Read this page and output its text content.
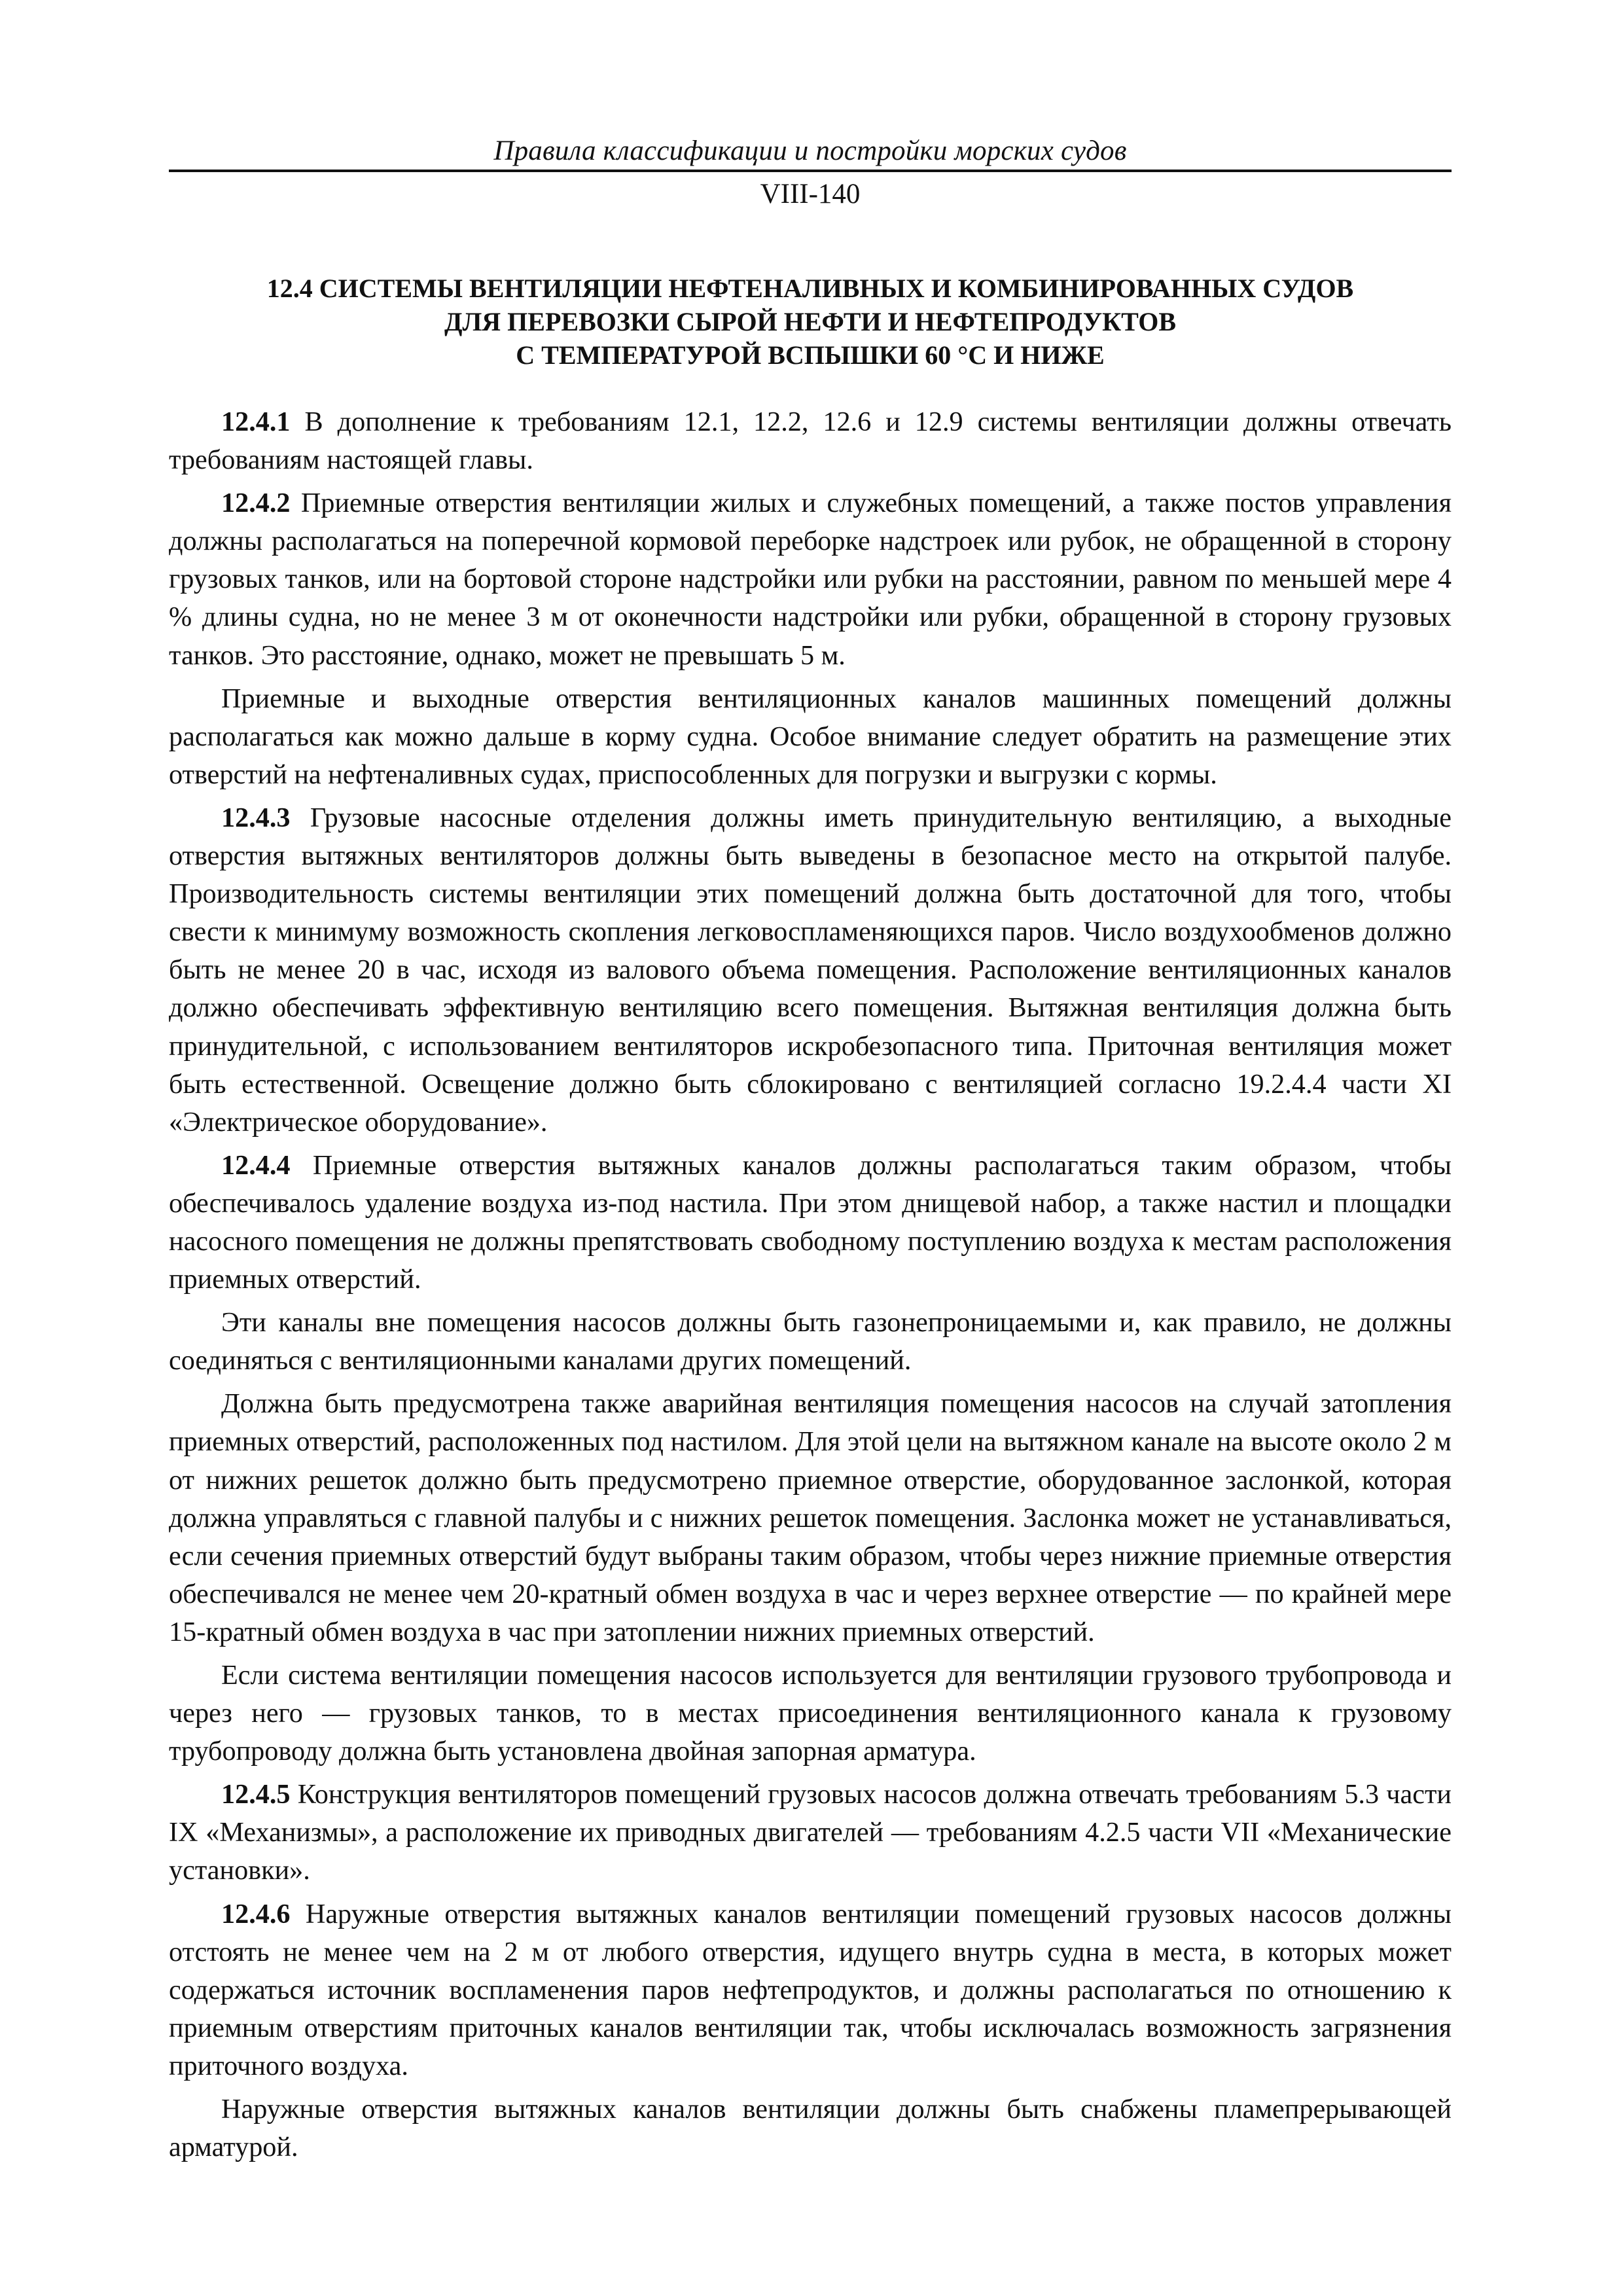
Правила классификации и постройки морских судов
VIII-140
12.4 СИСТЕМЫ ВЕНТИЛЯЦИИ НЕФТЕНАЛИВНЫХ И КОМБИНИРОВАННЫХ СУДОВ
ДЛЯ ПЕРЕВОЗКИ СЫРОЙ НЕФТИ И НЕФТЕПРОДУКТОВ
С ТЕМПЕРАТУРОЙ ВСПЫШКИ 60 °С И НИЖЕ

12.4.1 В дополнение к требованиям 12.1, 12.2, 12.6 и 12.9 системы вентиляции должны отвечать требованиям настоящей главы.

12.4.2 Приемные отверстия вентиляции жилых и служебных помещений, а также постов управления должны располагаться на поперечной кормовой переборке надстроек или рубок, не обращенной в сторону грузовых танков, или на бортовой стороне надстройки или рубки на расстоянии, равном по меньшей мере 4 % длины судна, но не менее 3 м от оконечности надстройки или рубки, обращенной в сторону грузовых танков. Это расстояние, однако, может не превышать 5 м.

Приемные и выходные отверстия вентиляционных каналов машинных помещений должны располагаться как можно дальше в корму судна. Особое внимание следует обратить на размещение этих отверстий на нефтеналивных судах, приспособленных для погрузки и выгрузки с кормы.

12.4.3 Грузовые насосные отделения должны иметь принудительную вентиляцию, а выходные отверстия вытяжных вентиляторов должны быть выведены в безопасное место на открытой палубе. Производительность системы вентиляции этих помещений должна быть достаточной для того, чтобы свести к минимуму возможность скопления легковоспламеняющихся паров. Число воздухообменов должно быть не менее 20 в час, исходя из валового объема помещения. Расположение вентиляционных каналов должно обеспечивать эффективную вентиляцию всего помещения. Вытяжная вентиляция должна быть принудительной, с использованием вентиляторов искробезопасного типа. Приточная вентиляция может быть естественной. Освещение должно быть сблокировано с вентиляцией согласно 19.2.4.4 части XI «Электрическое оборудование».

12.4.4 Приемные отверстия вытяжных каналов должны располагаться таким образом, чтобы обеспечивалось удаление воздуха из-под настила. При этом днищевой набор, а также настил и площадки насосного помещения не должны препятствовать свободному поступлению воздуха к местам расположения приемных отверстий.

Эти каналы вне помещения насосов должны быть газонепроницаемыми и, как правило, не должны соединяться с вентиляционными каналами других помещений.

Должна быть предусмотрена также аварийная вентиляция помещения насосов на случай затопления приемных отверстий, расположенных под настилом. Для этой цели на вытяжном канале на высоте около 2 м от нижних решеток должно быть предусмотрено приемное отверстие, оборудованное заслонкой, которая должна управляться с главной палубы и с нижних решеток помещения. Заслонка может не устанавливаться, если сечения приемных отверстий будут выбраны таким образом, чтобы через нижние приемные отверстия обеспечивался не менее чем 20-кратный обмен воздуха в час и через верхнее отверстие — по крайней мере 15-кратный обмен воздуха в час при затоплении нижних приемных отверстий.

Если система вентиляции помещения насосов используется для вентиляции грузового трубопровода и через него — грузовых танков, то в местах присоединения вентиляционного канала к грузовому трубопроводу должна быть установлена двойная запорная арматура.

12.4.5 Конструкция вентиляторов помещений грузовых насосов должна отвечать требованиям 5.3 части IX «Механизмы», а расположение их приводных двигателей — требованиям 4.2.5 части VII «Механические установки».

12.4.6 Наружные отверстия вытяжных каналов вентиляции помещений грузовых насосов должны отстоять не менее чем на 2 м от любого отверстия, идущего внутрь судна в места, в которых может содержаться источник воспламенения паров нефтепродуктов, и должны располагаться по отношению к приемным отверстиям приточных каналов вентиляции так, чтобы исключалась возможность загрязнения приточного воздуха.

Наружные отверстия вытяжных каналов вентиляции должны быть снабжены пламепрерывающей арматурой.
